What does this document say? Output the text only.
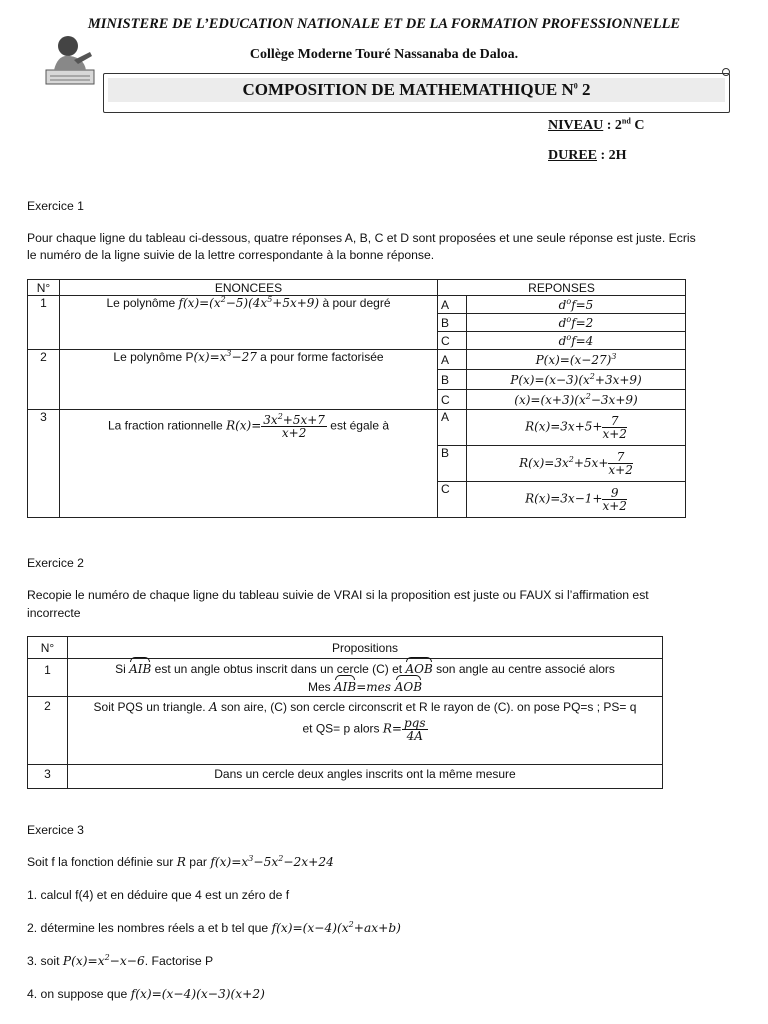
MINISTERE DE L’EDUCATION NATIONALE ET DE LA FORMATION PROFESSIONNELLE
Collège Moderne Touré Nassanaba de Daloa.
COMPOSITION DE MATHEMATHIQUE $N^0$ 2
NIVEAU : 2nd C
DUREE : 2H
Exercice 1
Pour chaque ligne du tableau ci-dessous, quatre réponses A, B, C et D sont proposées et une seule réponse est juste. Ecris
le numéro de la ligne suivie de la lettre correspondante à la bonne réponse.
N°	ENONCEES	REPONSES	
1	Le polynôme $f(x)=(x^2-5)(4x^5+5x+9)$ à pour degré	A	$d^of=5$
		B	$d^of=2$
		C	$d^of=4$
2	Le polynôme $P(x)=x^3-27$ a pour forme factorisée	A	$P(x)=(x-27)^3$
		B	$P(x)=(x-3)(x^2+3x+9)$
		C	$(x)=(x+3)(x^2-3x+9)$
3	La fraction rationnelle $R(x)= \frac{3x^2+5x+7}{x+2}$ est égale à	A	$R(x)=3x+5+ \frac{7}{x+2}$

		B	$R(x)=3x^2+5x+ \frac{7}{x+2}$

		C	$R(x)=3x-1+ \frac{9}{x+2}$
Exercice 2
Recopie le numéro de chaque ligne du tableau suivie de VRAI si la proposition est juste ou FAUX si l’affirmation est
incorrecte
N°	Propositions
1	Si AIB est un angle obtus inscrit dans un cercle (C) et AOB son angle au centre associé alors
Mes AIB=mes AOB
2	Soit PQS un triangle. A son aire, (C) son cercle circonscrit et R le rayon de (C). on pose PQ=s ; PS= q
et QS= p alors $R= \frac{\text{pqs}}{4A}$

3	Dans un cercle deux angles inscrits ont la même mesure
Exercice 3
Soit f la fonction définie sur R par $f(x)=x^3-5x^2-2x+24$
1. calcul f(4) et en déduire que 4 est un zéro de f
2. détermine les nombres réels a et b tel que $f(x)=(x-4)(x^2+ax+b)$
3. soit $P(x)=x^2-x-6$. Factorise P
4. on suppose que f(x)=(x−4)(x−3)(x+2)
